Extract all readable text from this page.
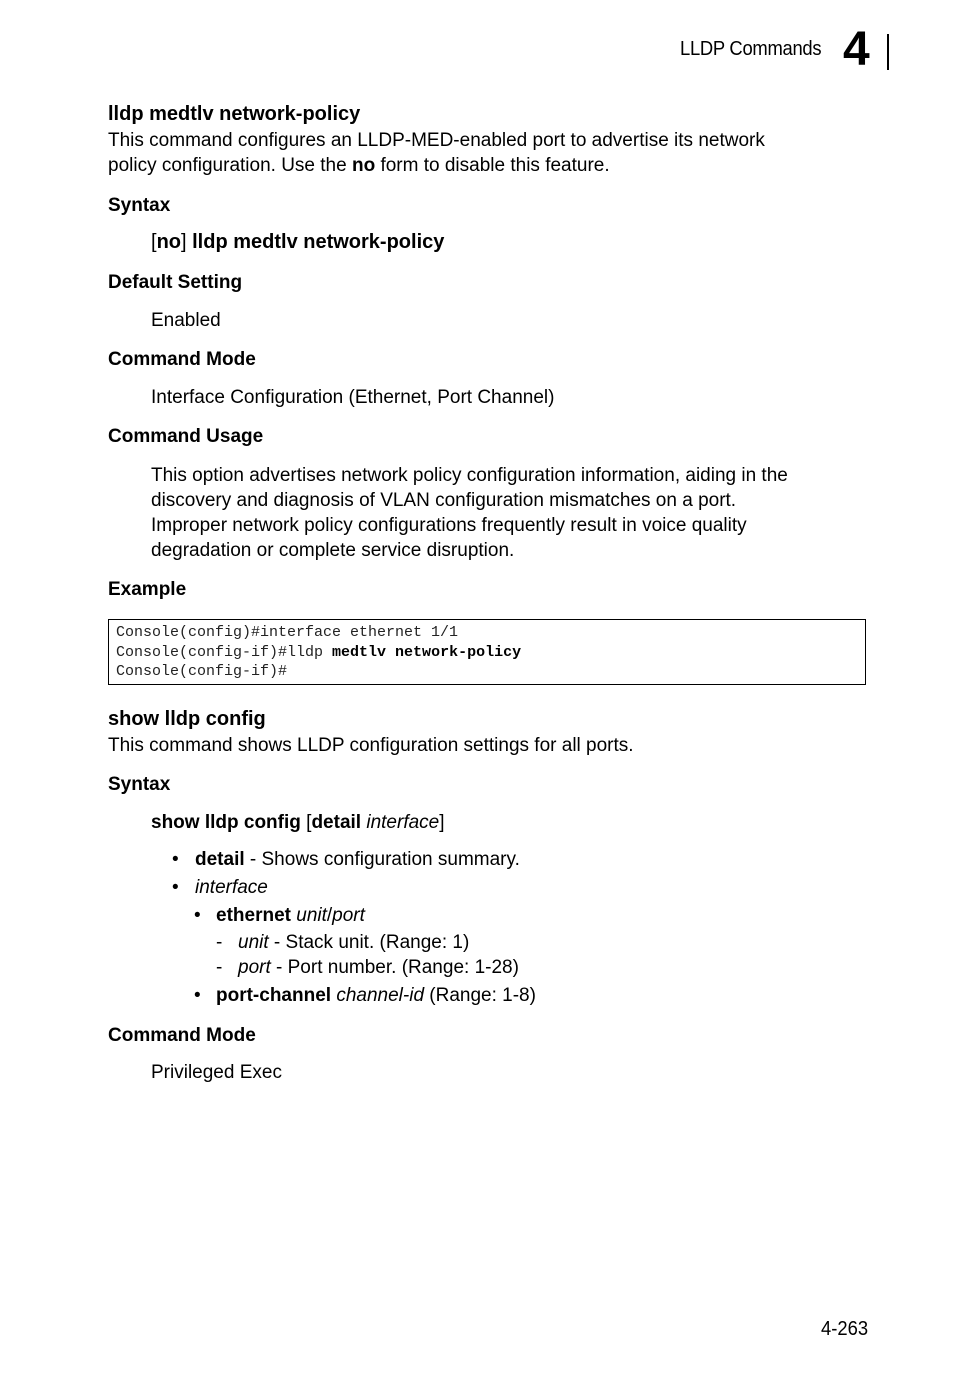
LLDP Commands 4
lldp medtlv network-policy
This command configures an LLDP-MED-enabled port to advertise its network
policy configuration. Use the no form to disable this feature.
Syntax
[no] lldp medtlv network-policy
Default Setting
Enabled
Command Mode
Interface Configuration (Ethernet, Port Channel)
Command Usage
This option advertises network policy configuration information, aiding in the
discovery and diagnosis of VLAN configuration mismatches on a port.
Improper network policy configurations frequently result in voice quality
degradation or complete service disruption.
Example
Console(config)#interface ethernet 1/1
Console(config-if)#lldp medtlv network-policy
Console(config-if)#
show lldp config
This command shows LLDP configuration settings for all ports.
Syntax
show lldp config [detail interface]
• detail - Shows configuration summary.
• interface
• ethernet unit/port
- unit - Stack unit. (Range: 1)
- port - Port number. (Range: 1-28)
• port-channel channel-id (Range: 1-8)
Command Mode
Privileged Exec
4-263
